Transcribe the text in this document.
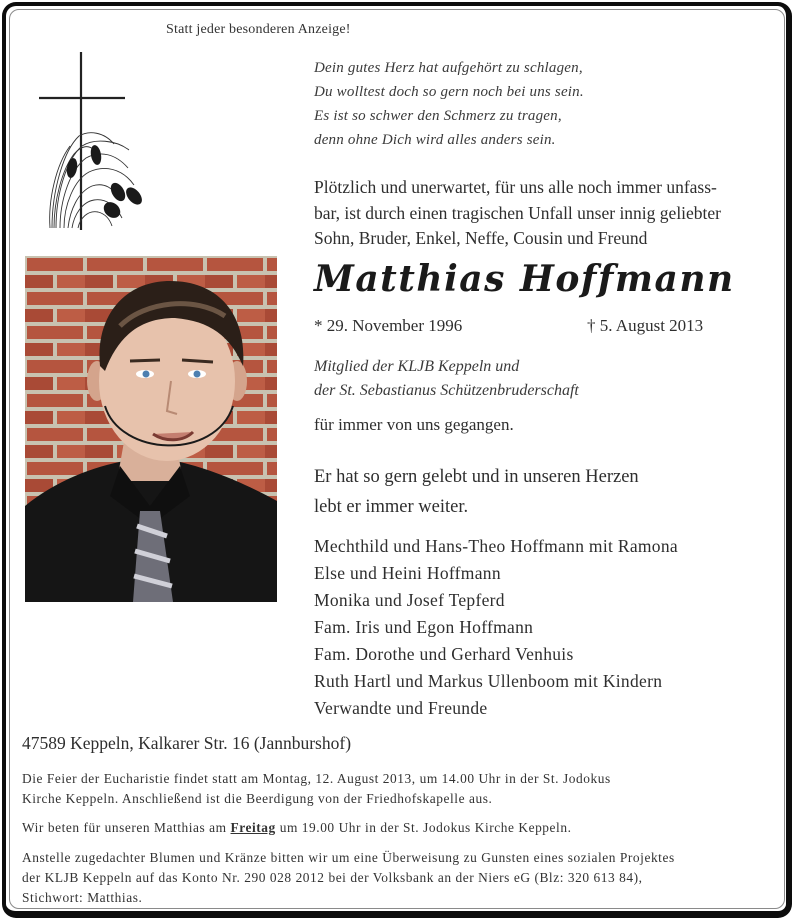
Statt jeder besonderen Anzeige!
Dein gutes Herz hat aufgehört zu schlagen,
Du wolltest doch so gern noch bei uns sein.
Es ist so schwer den Schmerz zu tragen,
denn ohne Dich wird alles anders sein.
Plötzlich und unerwartet, für uns alle noch immer unfass-
bar, ist durch einen tragischen Unfall unser innig geliebter
Sohn, Bruder, Enkel, Neffe, Cousin und Freund
Matthias Hoffmann
* 29. November 1996	† 5. August 2013
Mitglied der KLJB Keppeln und
der St. Sebastianus Schützenbruderschaft
für immer von uns gegangen.
Er hat so gern gelebt und in unseren Herzen
lebt er immer weiter.
Mechthild und Hans-Theo Hoffmann mit Ramona
Else und Heini Hoffmann
Monika und Josef Tepferd
Fam. Iris und Egon Hoffmann
Fam. Dorothe und Gerhard Venhuis
Ruth Hartl und Markus Ullenboom mit Kindern
Verwandte und Freunde
47589 Keppeln, Kalkarer Str. 16 (Jannburshof)
Die Feier der Eucharistie findet statt am Montag, 12. August 2013, um 14.00 Uhr in der St. Jodokus
Kirche Keppeln. Anschließend ist die Beerdigung von der Friedhofskapelle aus.
Wir beten für unseren Matthias am Freitag um 19.00 Uhr in der St. Jodokus Kirche Keppeln.
Anstelle zugedachter Blumen und Kränze bitten wir um eine Überweisung zu Gunsten eines sozialen Projektes
der KLJB Keppeln auf das Konto Nr. 290 028 2012 bei der Volksbank an der Niers eG (Blz: 320 613 84),
Stichwort: Matthias.
